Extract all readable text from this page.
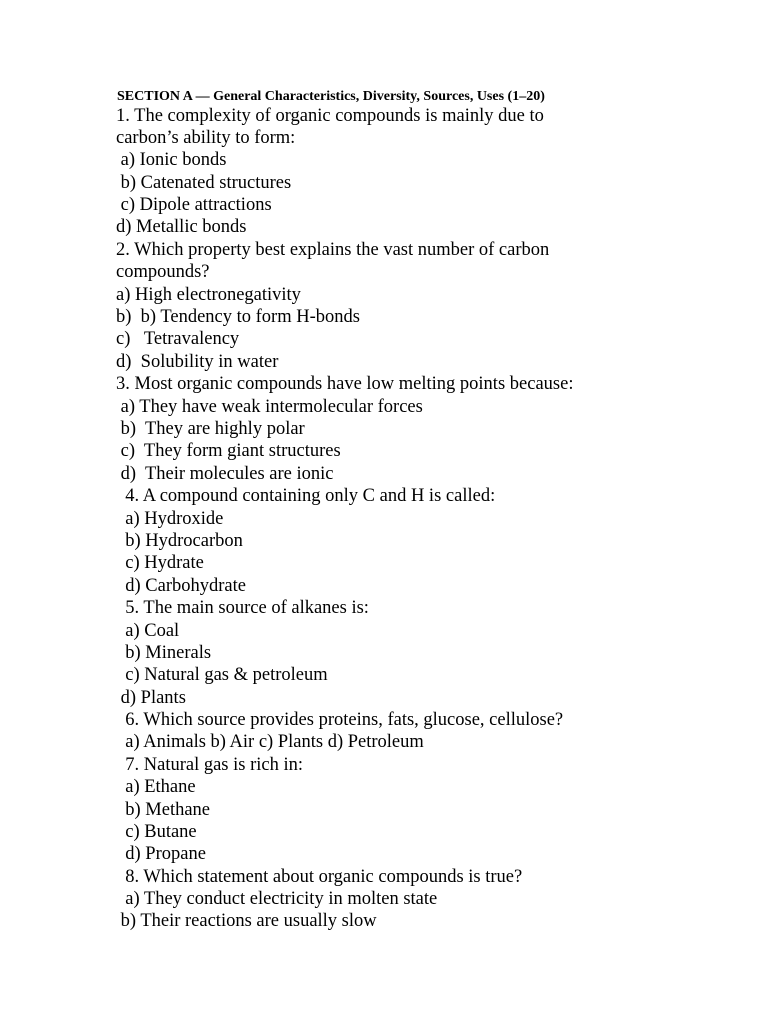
SECTION A — General Characteristics, Diversity, Sources, Uses (1–20)
1. The complexity of organic compounds is mainly due to
carbon’s ability to form:
a) Ionic bonds
b) Catenated structures
c) Dipole attractions
d) Metallic bonds
2. Which property best explains the vast number of carbon
compounds?
a) High electronegativity
b)  b) Tendency to form H-bonds
c)   Tetravalency
d)  Solubility in water
3. Most organic compounds have low melting points because:
a) They have weak intermolecular forces
b)  They are highly polar
c)  They form giant structures
d)  Their molecules are ionic
4. A compound containing only C and H is called:
a) Hydroxide
b) Hydrocarbon
c) Hydrate
d) Carbohydrate
5. The main source of alkanes is:
a) Coal
b) Minerals
c) Natural gas & petroleum
d) Plants
6. Which source provides proteins, fats, glucose, cellulose?
a) Animals b) Air c) Plants d) Petroleum
7. Natural gas is rich in:
a) Ethane
b) Methane
c) Butane
d) Propane
8. Which statement about organic compounds is true?
a) They conduct electricity in molten state
b) Their reactions are usually slow
